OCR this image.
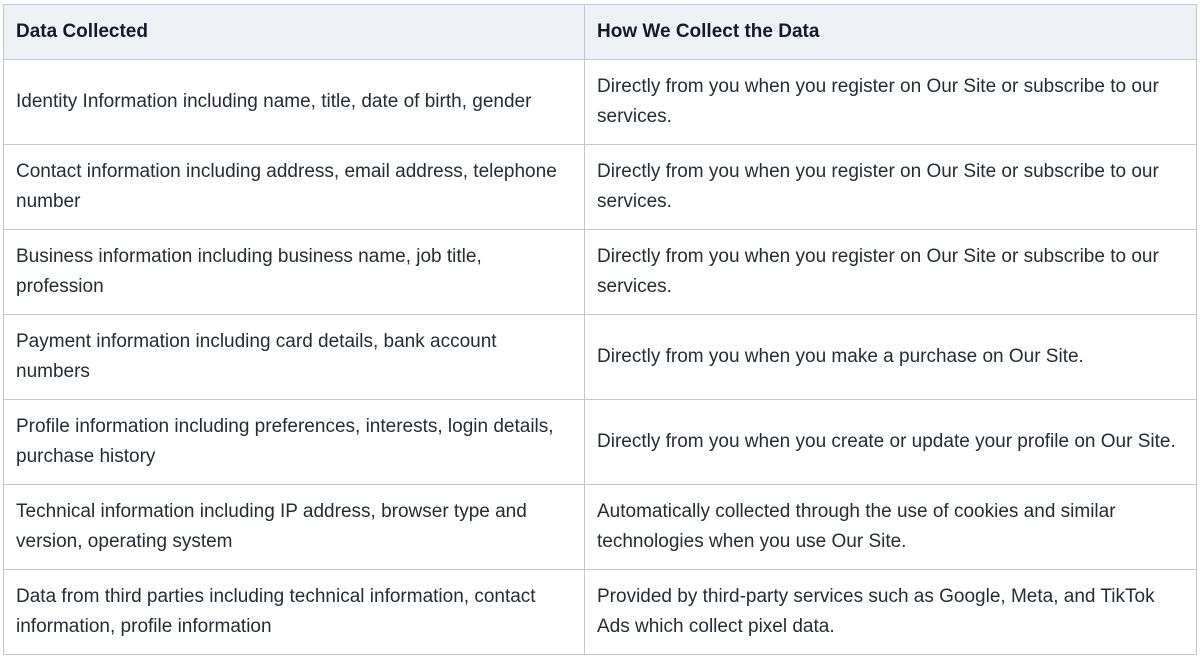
Data Collected	How We Collect the Data
Identity Information including name, title, date of birth, gender	Directly from you when you register on Our Site or subscribe to our services.
Contact information including address, email address, telephone number	Directly from you when you register on Our Site or subscribe to our services.
Business information including business name, job title, profession	Directly from you when you register on Our Site or subscribe to our services.
Payment information including card details, bank account numbers	Directly from you when you make a purchase on Our Site.
Profile information including preferences, interests, login details, purchase history	Directly from you when you create or update your profile on Our Site.
Technical information including IP address, browser type and version, operating system	Automatically collected through the use of cookies and similar technologies when you use Our Site.
Data from third parties including technical information, contact information, profile information	Provided by third-party services such as Google, Meta, and TikTok Ads which collect pixel data.
